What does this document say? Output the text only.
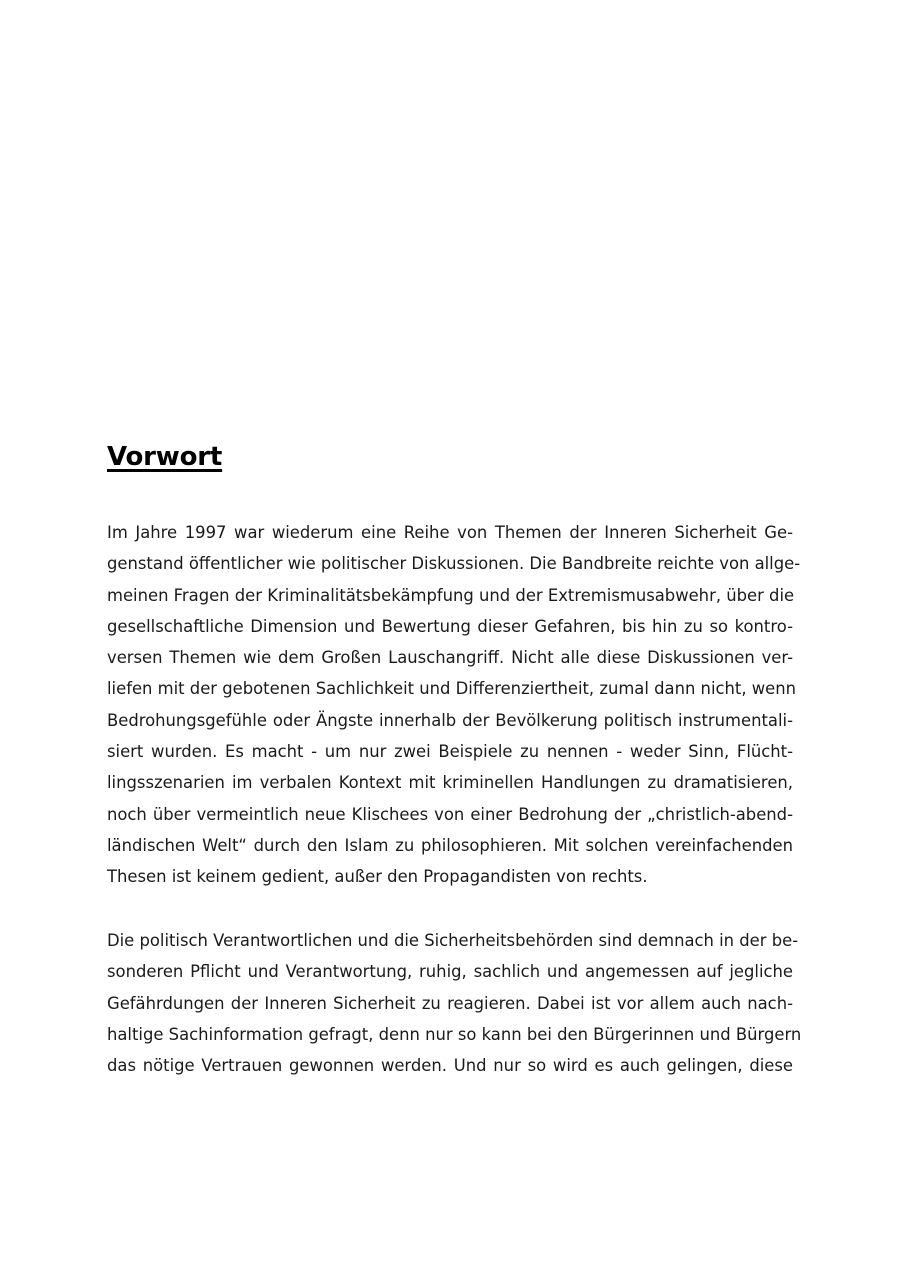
Vorwort
Im Jahre 1997 war wiederum eine Reihe von Themen der Inneren Sicherheit Ge-
genstand öffentlicher wie politischer Diskussionen. Die Bandbreite reichte von allge-
meinen Fragen der Kriminalitätsbekämpfung und der Extremismusabwehr, über die
gesellschaftliche Dimension und Bewertung dieser Gefahren, bis hin zu so kontro-
versen Themen wie dem Großen Lauschangriff. Nicht alle diese Diskussionen ver-
liefen mit der gebotenen Sachlichkeit und Differenziertheit, zumal dann nicht, wenn
Bedrohungsgefühle oder Ängste innerhalb der Bevölkerung politisch instrumentali-
siert wurden. Es macht - um nur zwei Beispiele zu nennen - weder Sinn, Flücht-
lingsszenarien im verbalen Kontext mit kriminellen Handlungen zu dramatisieren,
noch über vermeintlich neue Klischees von einer Bedrohung der „christlich-abend-
ländischen Welt“ durch den Islam zu philosophieren. Mit solchen vereinfachenden
Thesen ist keinem gedient, außer den Propagandisten von rechts.
Die politisch Verantwortlichen und die Sicherheitsbehörden sind demnach in der be-
sonderen Pflicht und Verantwortung, ruhig, sachlich und angemessen auf jegliche
Gefährdungen der Inneren Sicherheit zu reagieren. Dabei ist vor allem auch nach-
haltige Sachinformation gefragt, denn nur so kann bei den Bürgerinnen und Bürgern
das nötige Vertrauen gewonnen werden. Und nur so wird es auch gelingen, diese
